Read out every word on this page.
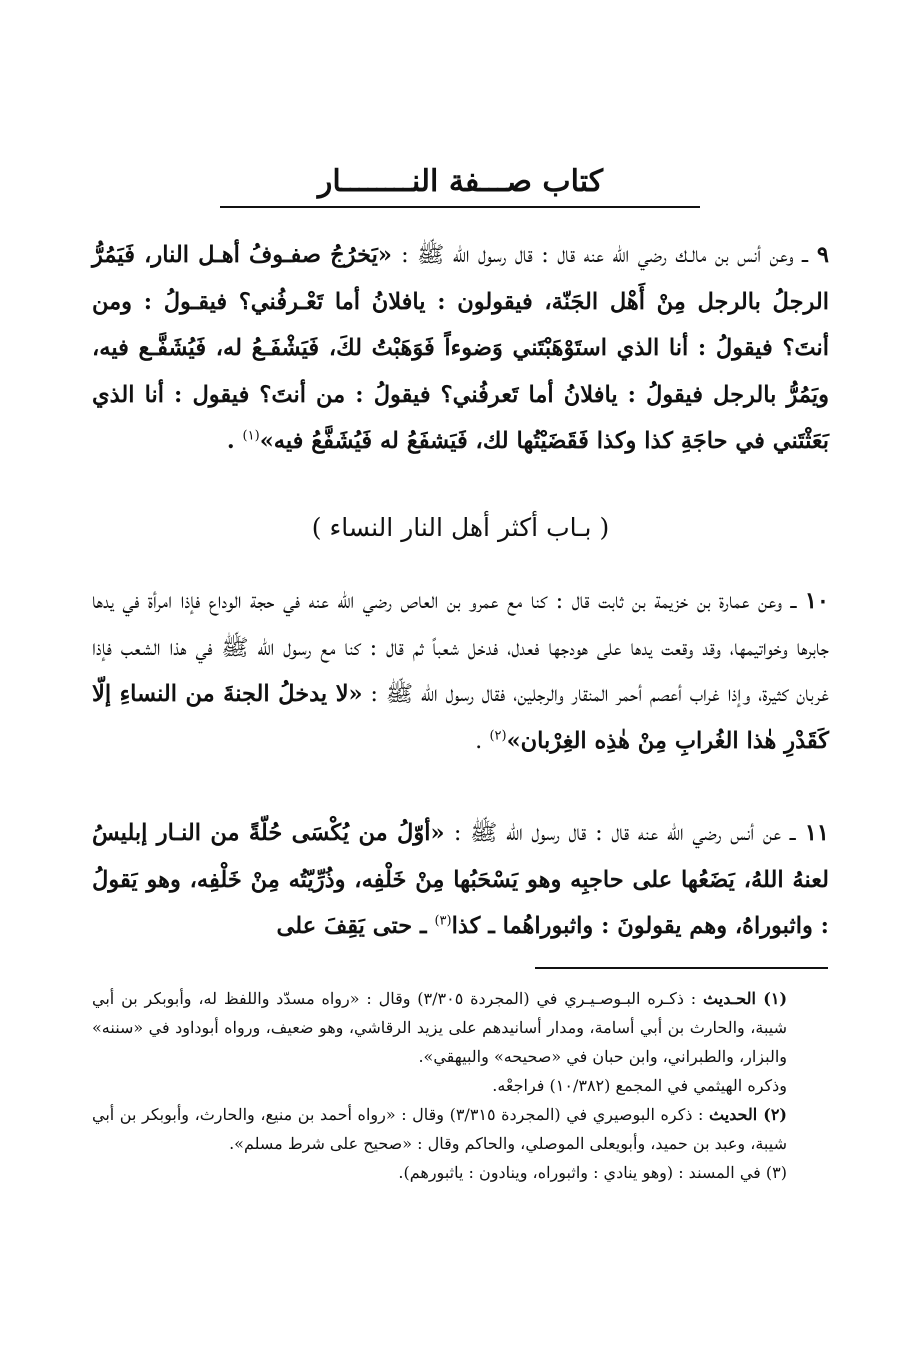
كتاب صـــفة النــــــــار
٩ ــ وعن أنس بن مالـك رضي الله عنه قال : قال رسول الله ﷺ : «يَخرُجُ صفـوفُ أهـل النار، فَيَمُرُّ الرجلُ بالرجل مِنْ أَهْل الجَنّة، فيقولون : يافلانُ أما تَعْـرفُني؟ فيقـولُ : ومن أنتَ؟ فيقولُ : أنا الذي استَوْهَبْتَني وَضوءاً فَوَهَبْتُ لكَ، فَيَشْفَـعُ له، فَيُشَفَّـع فيه، ويَمُرُّ بالرجل فيقولُ : يافلانُ أما تَعرفُني؟ فيقولُ : من أنتَ؟ فيقول : أنا الذي بَعَثْتَني في حاجَةِ كذا وكذا فَقَضَيْتُها لك، فَيَشفَعُ له فَيُشَفَّعُ فيه»$^{(١)}$ .
( بـاب أكثر أهل النار النساء )
١٠ ــ وعن عمارة بن خزيمة بن ثابت قال : كنا مع عمرو بن العاص رضي الله عنه في حجة الوداع فإذا امرأة في يدها جابرها وخواتيمها، وقد وقعت يدها على هودجها فعدل، فدخل شعباً ثم قال : كنا مع رسول الله ﷺ في هذا الشعب فإذا غربان كثيرة، وإذا غراب أعصم أحمر المنقار والرجلين، فقال رسول الله ﷺ : «لا يدخلُ الجنةَ من النساءِ إلّا كَقَدْرِ هٰذا الغُرابِ مِنْ هٰذِه الغِرْبان»$^{(٢)}$ .
١١ ــ عن أنس رضي الله عنه قال : قال رسول الله ﷺ : «أوّلُ من يُكْسَى حُلّةً من النـار إبليسُ لعنهُ اللهُ، يَضَعُها على حاجبِه وهو يَسْحَبُها مِنْ خَلْفِه، وذُرِّيّتُه مِنْ خَلْفِه، وهو يَقولُ : واثبوراهُ، وهم يقولونَ : واثبوراهُما ـ كذا$^{(٣)}$ ـ حتى يَقِفَ على

(١) الحـديث : ذكـره البـوصـيـري في (المجردة ٣/٣٠٥) وقال : «رواه مسدّد واللفظ له، وأبوبكر بن أبي شيبة، والحارث بن أبي أسامة، ومدار أسانيدهم على يزيد الرقاشي، وهو ضعيف، ورواه أبوداود في «سننه» والبزار، والطبراني، وابن حبان في «صحيحه» والبيهقي».

وذكره الهيثمي في المجمع (١٠/٣٨٢) فراجعْه.

(٢) الحديث : ذكره البوصيري في (المجردة ٣/٣١٥) وقال : «رواه أحمد بن منيع، والحارث، وأبوبكر بن أبي شيبة، وعبد بن حميد، وأبويعلى الموصلي، والحاكم وقال : «صحيح على شرط مسلم».

(٣) في المسند : (وهو ينادي : واثبوراه، وينادون : ياثبورهم).
